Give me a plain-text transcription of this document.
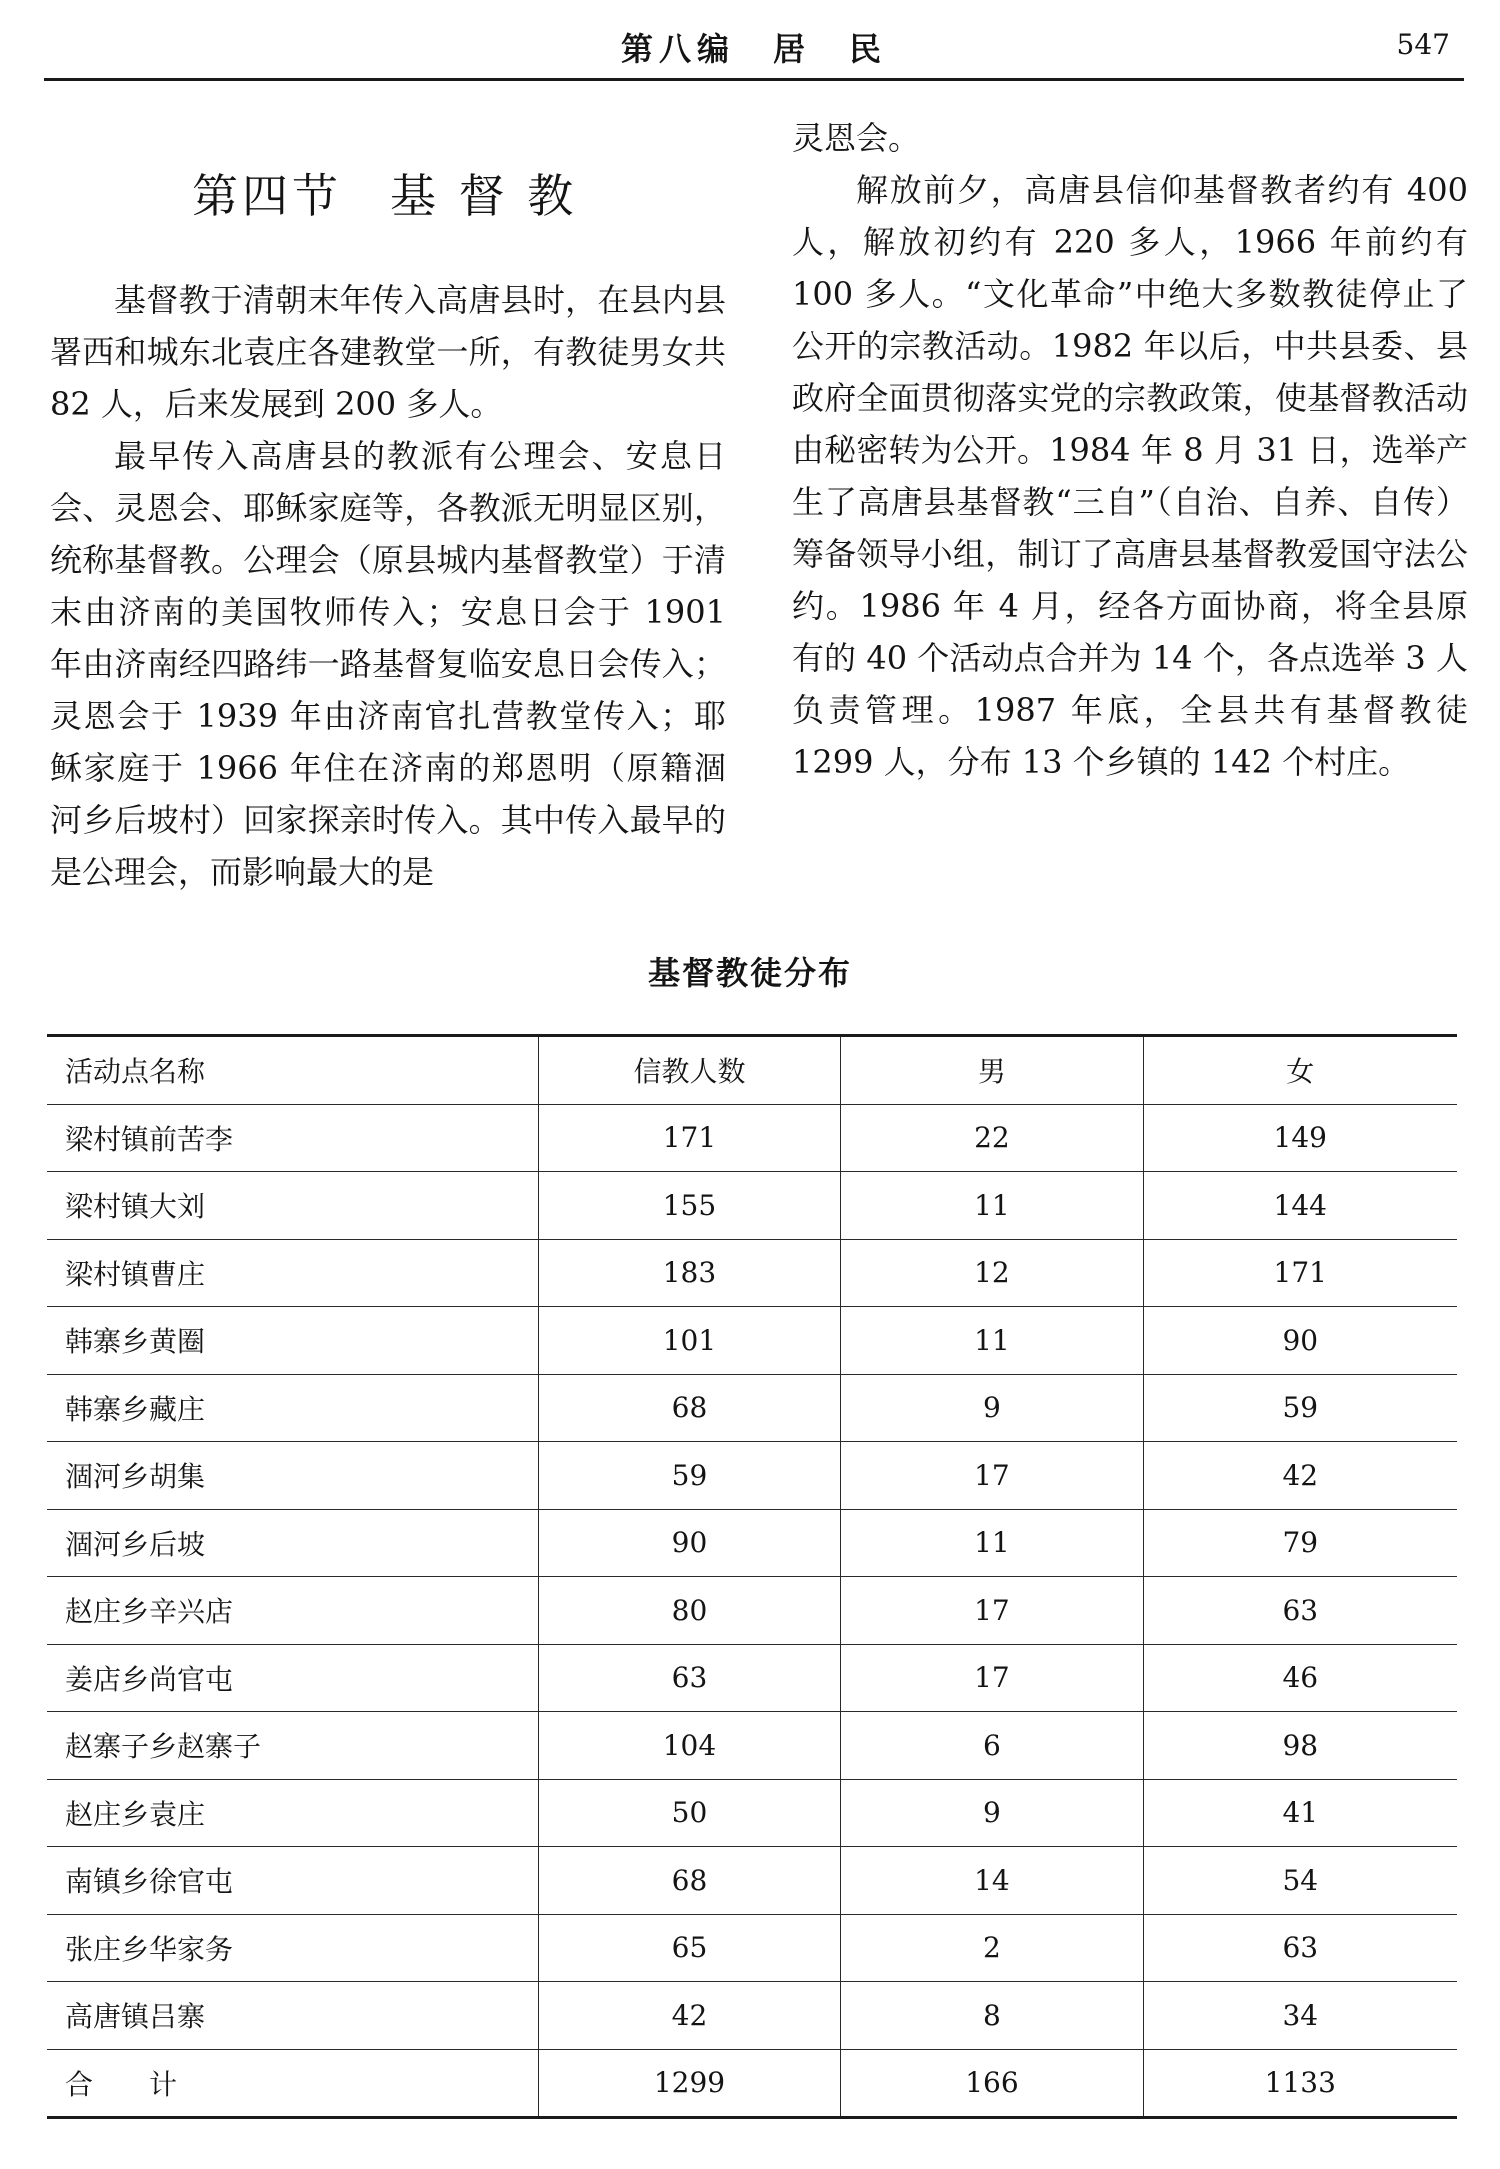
第八编　居　民	547
第四节 基 督 教

基督教于清朝末年传入高唐县时，在县内县署西和城东北袁庄各建教堂一所，有教徒男女共 82 人，后来发展到 200 多人。

最早传入高唐县的教派有公理会、安息日会、灵恩会、耶稣家庭等，各教派无明显区别，统称基督教。公理会（原县城内基督教堂）于清末由济南的美国牧师传入；安息日会于 1901 年由济南经四路纬一路基督复临安息日会传入；灵恩会于 1939 年由济南官扎营教堂传入；耶稣家庭于 1966 年住在济南的郑恩明（原籍涸河乡后坡村）回家探亲时传入。其中传入最早的是公理会，而影响最大的是

灵恩会。

解放前夕，高唐县信仰基督教者约有 400 人，解放初约有 220 多人，1966 年前约有 100 多人。“文化革命”中绝大多数教徒停止了公开的宗教活动。1982 年以后，中共县委、县政府全面贯彻落实党的宗教政策，使基督教活动由秘密转为公开。1984 年 8 月 31 日，选举产生了高唐县基督教“三自”（自治、自养、自传）筹备领导小组，制订了高唐县基督教爱国守法公约。1986 年 4 月，经各方面协商，将全县原有的 40 个活动点合并为 14 个，各点选举 3 人负责管理。1987 年底，全县共有基督教徒 1299 人，分布 13 个乡镇的 142 个村庄。

基督教徒分布
活动点名称	信教人数	男	女
梁村镇前苦李	171	22	149
梁村镇大刘	155	11	144
梁村镇曹庄	183	12	171
韩寨乡黄圈	101	11	90
韩寨乡藏庄	68	9	59
涸河乡胡集	59	17	42
涸河乡后坡	90	11	79
赵庄乡辛兴店	80	17	63
姜店乡尚官屯	63	17	46
赵寨子乡赵寨子	104	6	98
赵庄乡袁庄	50	9	41
南镇乡徐官屯	68	14	54
张庄乡华家务	65	2	63
高唐镇吕寨	42	8	34
合　　计	1299	166	1133
